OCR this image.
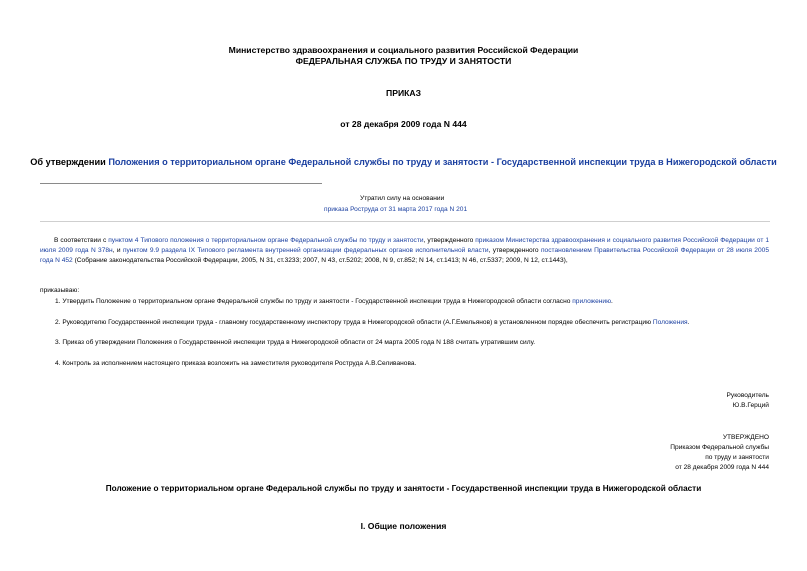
Министерство здравоохранения и социального развития Российской Федерации
ФЕДЕРАЛЬНАЯ СЛУЖБА ПО ТРУДУ И ЗАНЯТОСТИ
ПРИКАЗ
от 28 декабря 2009 года N 444
Об утверждении Положения о территориальном органе Федеральной службы по труду и занятости - Государственной инспекции труда в Нижегородской области
Утратил силу на основании
приказа Роструда от 31 марта 2017 года N 201
В соответствии с пунктом 4 Типового положения о территориальном органе Федеральной службы по труду и занятости, утвержденного приказом Министерства здравоохранения и социального развития Российской Федерации от 1 июля 2009 года N 378н, и пунктом 9.9 раздела IX Типового регламента внутренней организации федеральных органов исполнительной власти, утвержденного постановлением Правительства Российской Федерации от 28 июля 2005 года N 452 (Собрание законодательства Российской Федерации, 2005, N 31, ст.3233; 2007, N 43, ст.5202; 2008, N 9, ст.852; N 14, ст.1413; N 46, ст.5337; 2009, N 12, ст.1443),
приказываю:
1. Утвердить Положение о территориальном органе Федеральной службы по труду и занятости - Государственной инспекции труда в Нижегородской области согласно приложению.
2. Руководителю Государственной инспекции труда - главному государственному инспектору труда в Нижегородской области (А.Г.Емельянов) в установленном порядке обеспечить регистрацию Положения.
3. Приказ об утверждении Положения о Государственной инспекции труда в Нижегородской области от 24 марта 2005 года N 188 считать утратившим силу.
4. Контроль за исполнением настоящего приказа возложить на заместителя руководителя Роструда А.В.Селиванова.
Руководитель
Ю.В.Герций
УТВЕРЖДЕНО
Приказом Федеральной службы
по труду и занятости
от 28 декабря 2009 года N 444
Положение о территориальном органе Федеральной службы по труду и занятости - Государственной инспекции труда в Нижегородской области
I. Общие положения
